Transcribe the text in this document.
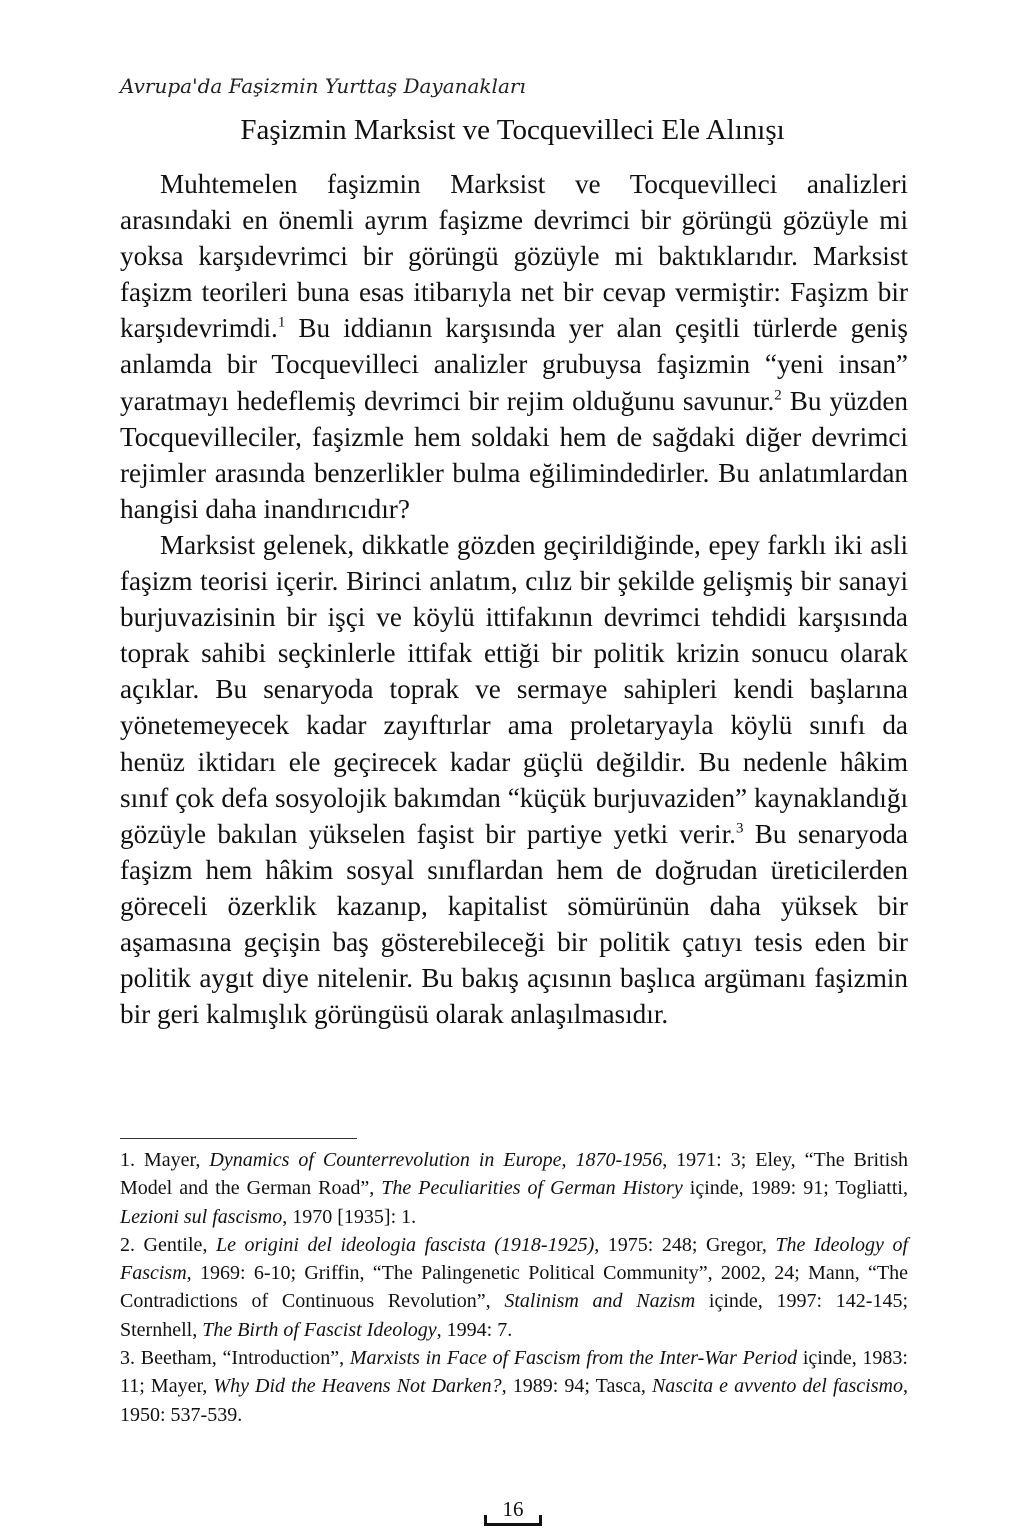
Avrupa'da Faşizmin Yurttaş Dayanakları
Faşizmin Marksist ve Tocquevilleci Ele Alınışı

Muhtemelen faşizmin Marksist ve Tocquevilleci analizleri arasındaki en önemli ayrım faşizme devrimci bir görüngü gözüyle mi yoksa karşıdevrimci bir görüngü gözüyle mi baktıklarıdır. Marksist faşizm teorileri buna esas itibarıyla net bir cevap vermiştir: Faşizm bir karşıdevrimdi.$^1$ Bu iddianın karşısında yer alan çeşitli türlerde geniş anlamda bir Tocquevilleci analizler grubuysa faşizmin “yeni insan” yaratmayı hedeflemiş devrimci bir rejim olduğunu savunur.$^2$ Bu yüzden Tocquevilleciler, faşizmle hem soldaki hem de sağdaki diğer devrimci rejimler arasında benzerlikler bulma eğilimindedirler. Bu anlatımlardan hangisi daha inandırıcıdır?

Marksist gelenek, dikkatle gözden geçirildiğinde, epey farklı iki asli faşizm teorisi içerir. Birinci anlatım, cılız bir şekilde gelişmiş bir sanayi burjuvazisinin bir işçi ve köylü ittifakının devrimci tehdidi karşısında toprak sahibi seçkinlerle ittifak ettiği bir politik krizin sonucu olarak açıklar. Bu senaryoda toprak ve sermaye sahipleri kendi başlarına yönetemeyecek kadar zayıftırlar ama proletaryayla köylü sınıfı da henüz iktidarı ele geçirecek kadar güçlü değildir. Bu nedenle hâkim sınıf çok defa sosyolojik bakımdan “küçük burjuvaziden” kaynaklandığı gözüyle bakılan yükselen faşist bir partiye yetki verir.$^3$ Bu senaryoda faşizm hem hâkim sosyal sınıflardan hem de doğrudan üreticilerden göreceli özerklik kazanıp, kapitalist sömürünün daha yüksek bir aşamasına geçişin baş gösterebileceği bir politik çatıyı tesis eden bir politik aygıt diye nitelenir. Bu bakış açısının başlıca argümanı faşizmin bir geri kalmışlık görüngüsü olarak anlaşılmasıdır.

1. Mayer, Dynamics of Counterrevolution in Europe, 1870-1956, 1971: 3; Eley, “The British Model and the German Road”, The Peculiarities of German History içinde, 1989: 91; Togliatti, Lezioni sul fascismo, 1970 [1935]: 1.

2. Gentile, Le origini del ideologia fascista (1918-1925), 1975: 248; Gregor, The Ideology of Fascism, 1969: 6-10; Griffin, “The Palingenetic Political Community”, 2002, 24; Mann, “The Contradictions of Continuous Revolution”, Stalinism and Nazism içinde, 1997: 142-145; Sternhell, The Birth of Fascist Ideology, 1994: 7.

3. Beetham, “Introduction”, Marxists in Face of Fascism from the Inter-War Period içinde, 1983: 11; Mayer, Why Did the Heavens Not Darken?, 1989: 94; Tasca, Nascita e avvento del fascismo, 1950: 537-539.

16
